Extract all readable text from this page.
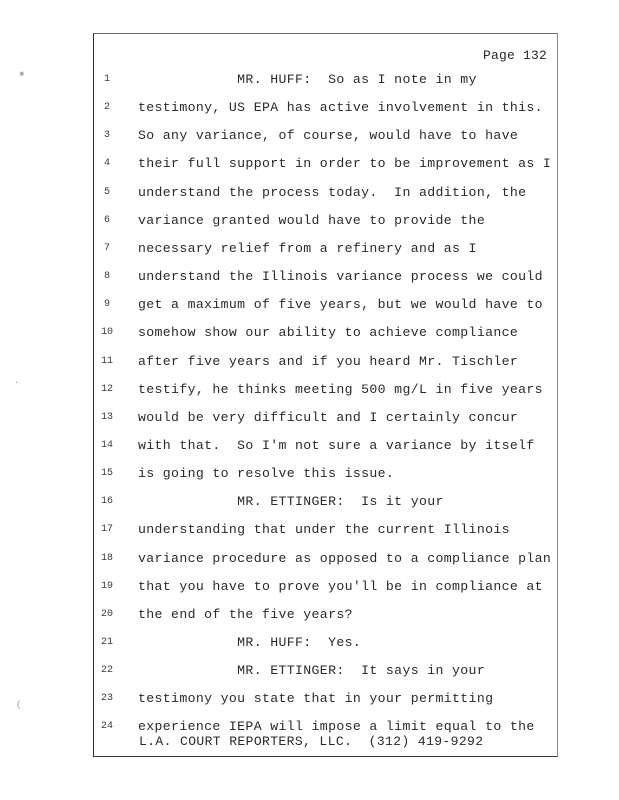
Page 132
1	MR. HUFF:  So as I note in my
2	testimony, US EPA has active involvement in this.
3	So any variance, of course, would have to have
4	their full support in order to be improvement as I
5	understand the process today.  In addition, the
6	variance granted would have to provide the
7	necessary relief from a refinery and as I
8	understand the Illinois variance process we could
9	get a maximum of five years, but we would have to
10	somehow show our ability to achieve compliance
11	after five years and if you heard Mr. Tischler
12	testify, he thinks meeting 500 mg/L in five years
13	would be very difficult and I certainly concur
14	with that.  So I'm not sure a variance by itself
15	is going to resolve this issue.
16	MR. ETTINGER:  Is it your
17	understanding that under the current Illinois
18	variance procedure as opposed to a compliance plan
19	that you have to prove you'll be in compliance at
20	the end of the five years?
21	MR. HUFF:  Yes.
22	MR. ETTINGER:  It says in your
23	testimony you state that in your permitting
24	experience IEPA will impose a limit equal to the
L.A. COURT REPORTERS, LLC.  (312) 419-9292
⁕
·
(
